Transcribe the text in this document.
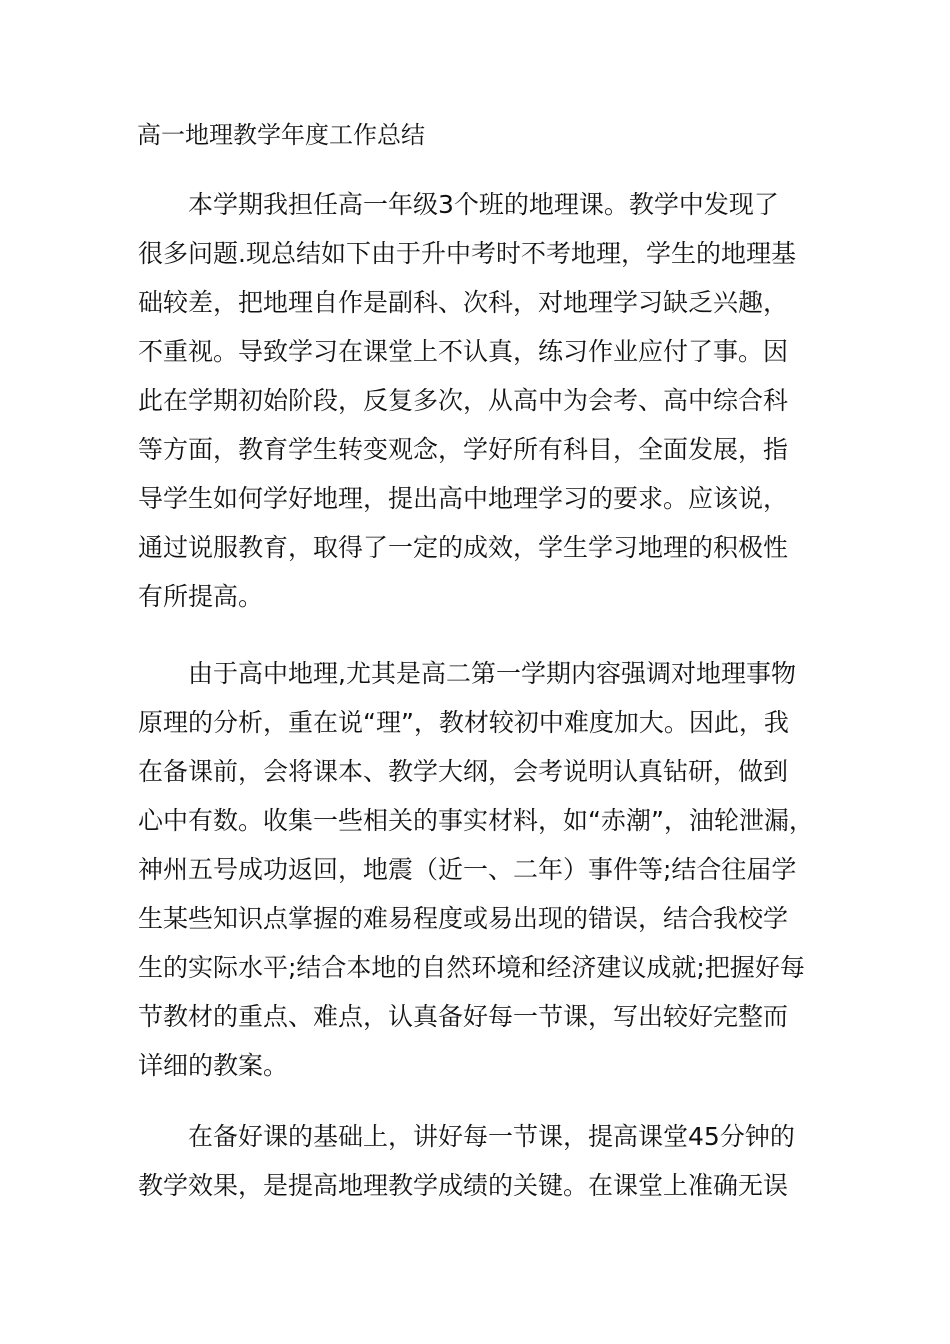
高一地理教学年度工作总结
　　本学期我担任高一年级3个班的地理课。教学中发现了
很多问题.现总结如下由于升中考时不考地理，学生的地理基
础较差，把地理自作是副科、次科，对地理学习缺乏兴趣，
不重视。导致学习在课堂上不认真，练习作业应付了事。因
此在学期初始阶段，反复多次，从高中为会考、高中综合科
等方面，教育学生转变观念，学好所有科目，全面发展，指
导学生如何学好地理，提出高中地理学习的要求。应该说，
通过说服教育，取得了一定的成效，学生学习地理的积极性
有所提高。
　　由于高中地理,尤其是高二第一学期内容强调对地理事物
原理的分析，重在说“理”，教材较初中难度加大。因此，我
在备课前，会将课本、教学大纲，会考说明认真钻研，做到
心中有数。收集一些相关的事实材料，如“赤潮”，油轮泄漏，
神州五号成功返回，地震（近一、二年）事件等;结合往届学
生某些知识点掌握的难易程度或易出现的错误，结合我校学
生的实际水平;结合本地的自然环境和经济建议成就;把握好每
节教材的重点、难点，认真备好每一节课，写出较好完整而
详细的教案。
　　在备好课的基础上，讲好每一节课，提高课堂45分钟的
教学效果，是提高地理教学成绩的关键。在课堂上准确无误
